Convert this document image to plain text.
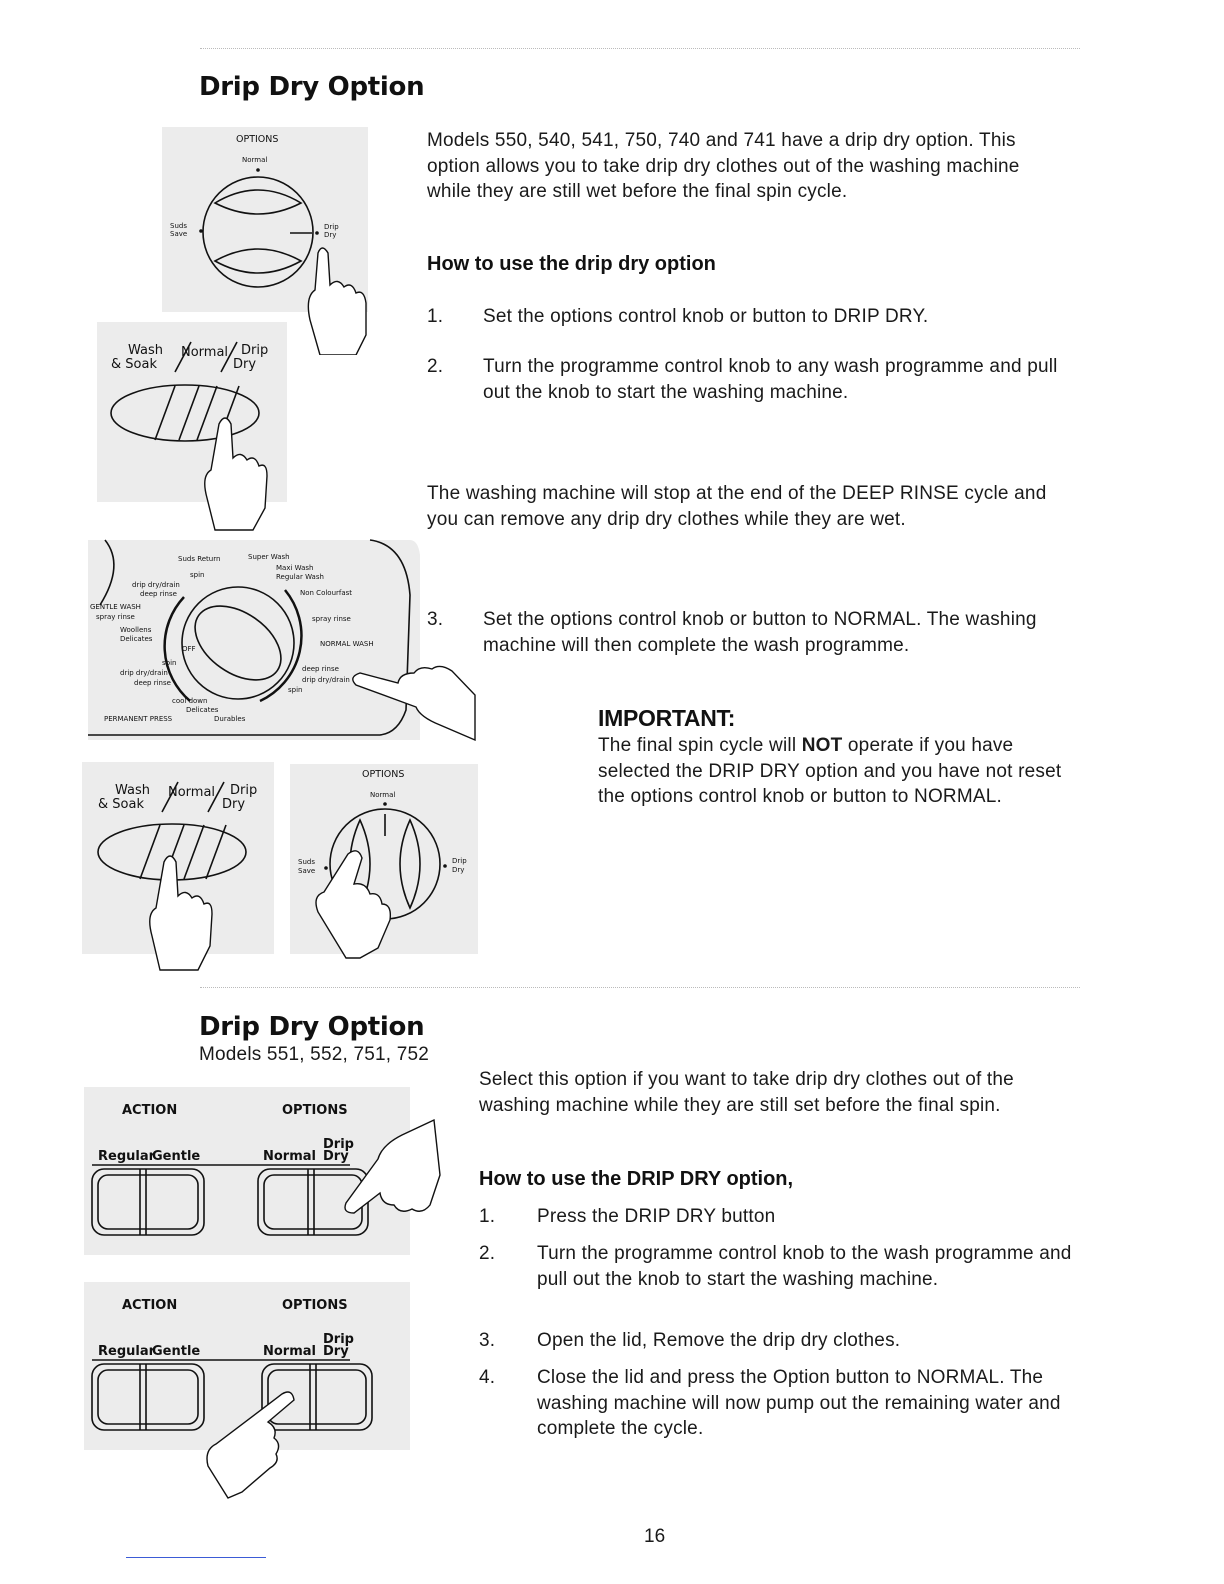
Drip Dry Option
Models 550, 540, 541, 750, 740 and 741 have a drip dry option. This option allows you to take drip dry clothes out of the washing machine while they are still wet before the final spin cycle.
How to use the drip dry option
1. Set the options control knob or button to DRIP DRY.
2. Turn the programme control knob to any wash programme and pull out the knob to start the washing machine.
The washing machine will stop at the end of the DEEP RINSE cycle and you can remove any drip dry clothes while they are wet.
3. Set the options control knob or button to NORMAL. The washing machine will then complete the wash programme.
IMPORTANT:
The final spin cycle will NOT operate if you have selected the DRIP DRY option and you have not reset the options control knob or button to NORMAL.
OPTIONS
Normal
Suds
Save
Drip
Dry
Wash
& Soak
Normal Drip
Dry
Suds Return	Super Wash
Maxi Wash
Regular Wash
spin
drip dry/drain
deep rinse
GENTLE WASH
spray rinse
Woollens
Delicates
Non Colourfast
spray rinse
NORMAL WASH
deep rinse
drip dry/drain
spin
spin
drip dry/drain
deep rinse
cool down
Delicates
PERMANENT PRESS	Durables
OFF
Wash
& Soak
Normal Drip
Dry
OPTIONS
Normal
Suds
Save
Drip
Dry
Drip Dry Option
Models 551, 552, 751, 752
Select this option if you want to take drip dry clothes out of the washing machine while they are still set before the final spin.
How to use the DRIP DRY option,
1. Press the DRIP DRY button
2. Turn the programme control knob to the wash programme and pull out the knob to start the washing machine.
3. Open the lid, Remove the drip dry clothes.
4. Close the lid and press the Option button to NORMAL. The washing machine will now pump out the remaining water and complete the cycle.
ACTION	OPTIONS
Regular
Gentle	Normal
Drip
Dry
ACTION	OPTIONS
Regular
Gentle	Normal
Drip
Dry
16
